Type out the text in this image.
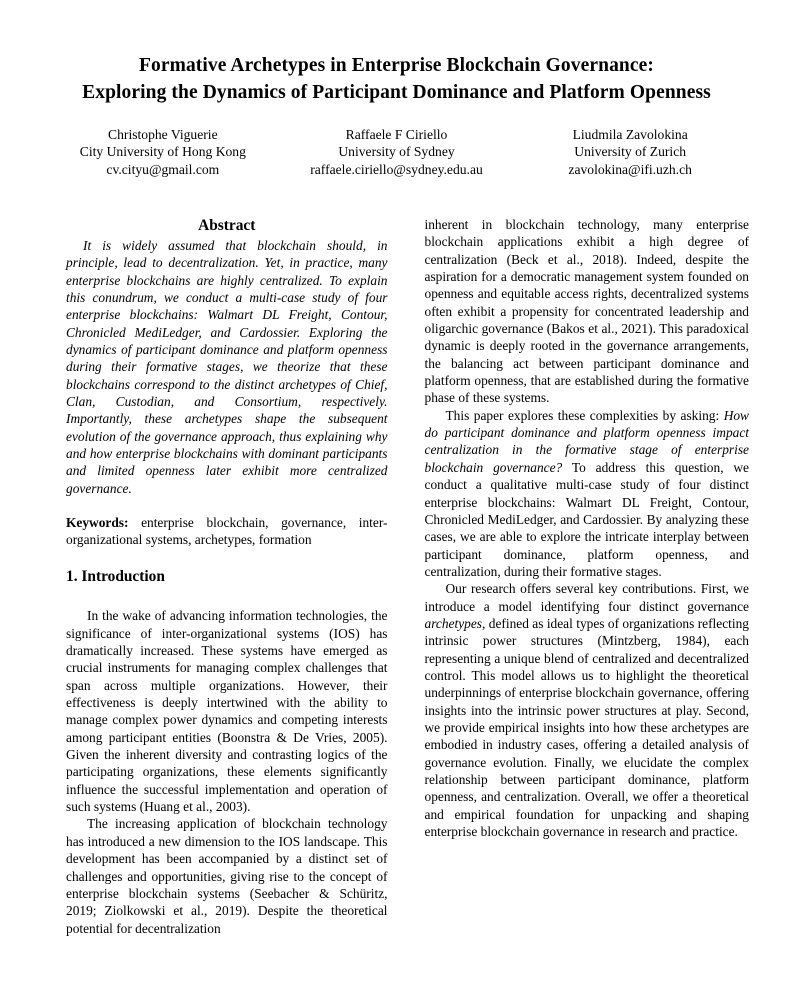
Formative Archetypes in Enterprise Blockchain Governance:
Exploring the Dynamics of Participant Dominance and Platform Openness
Christophe Viguerie
City University of Hong Kong
cv.cityu@gmail.com
Raffaele F Ciriello
University of Sydney
raffaele.ciriello@sydney.edu.au
Liudmila Zavolokina
University of Zurich
zavolokina@ifi.uzh.ch
Abstract

It is widely assumed that blockchain should, in principle, lead to decentralization. Yet, in practice, many enterprise blockchains are highly centralized. To explain this conundrum, we conduct a multi-case study of four enterprise blockchains: Walmart DL Freight, Contour, Chronicled MediLedger, and Cardossier. Exploring the dynamics of participant dominance and platform openness during their formative stages, we theorize that these blockchains correspond to the distinct archetypes of Chief, Clan, Custodian, and Consortium, respectively. Importantly, these archetypes shape the subsequent evolution of the governance approach, thus explaining why and how enterprise blockchains with dominant participants and limited openness later exhibit more centralized governance.

Keywords: enterprise blockchain, governance, inter-organizational systems, archetypes, formation

1. Introduction

In the wake of advancing information technologies, the significance of inter-organizational systems (IOS) has dramatically increased. These systems have emerged as crucial instruments for managing complex challenges that span across multiple organizations. However, their effectiveness is deeply intertwined with the ability to manage complex power dynamics and competing interests among participant entities (Boonstra & De Vries, 2005). Given the inherent diversity and contrasting logics of the participating organizations, these elements significantly influence the successful implementation and operation of such systems (Huang et al., 2003).

The increasing application of blockchain technology has introduced a new dimension to the IOS landscape. This development has been accompanied by a distinct set of challenges and opportunities, giving rise to the concept of enterprise blockchain systems (Seebacher & Schüritz, 2019; Ziolkowski et al., 2019). Despite the theoretical potential for decentralization

inherent in blockchain technology, many enterprise blockchain applications exhibit a high degree of centralization (Beck et al., 2018). Indeed, despite the aspiration for a democratic management system founded on openness and equitable access rights, decentralized systems often exhibit a propensity for concentrated leadership and oligarchic governance (Bakos et al., 2021). This paradoxical dynamic is deeply rooted in the governance arrangements, the balancing act between participant dominance and platform openness, that are established during the formative phase of these systems.

This paper explores these complexities by asking: How do participant dominance and platform openness impact centralization in the formative stage of enterprise blockchain governance? To address this question, we conduct a qualitative multi-case study of four distinct enterprise blockchains: Walmart DL Freight, Contour, Chronicled MediLedger, and Cardossier. By analyzing these cases, we are able to explore the intricate interplay between participant dominance, platform openness, and centralization, during their formative stages.

Our research offers several key contributions. First, we introduce a model identifying four distinct governance archetypes, defined as ideal types of organizations reflecting intrinsic power structures (Mintzberg, 1984), each representing a unique blend of centralized and decentralized control. This model allows us to highlight the theoretical underpinnings of enterprise blockchain governance, offering insights into the intrinsic power structures at play. Second, we provide empirical insights into how these archetypes are embodied in industry cases, offering a detailed analysis of governance evolution. Finally, we elucidate the complex relationship between participant dominance, platform openness, and centralization. Overall, we offer a theoretical and empirical foundation for unpacking and shaping enterprise blockchain governance in research and practice.
